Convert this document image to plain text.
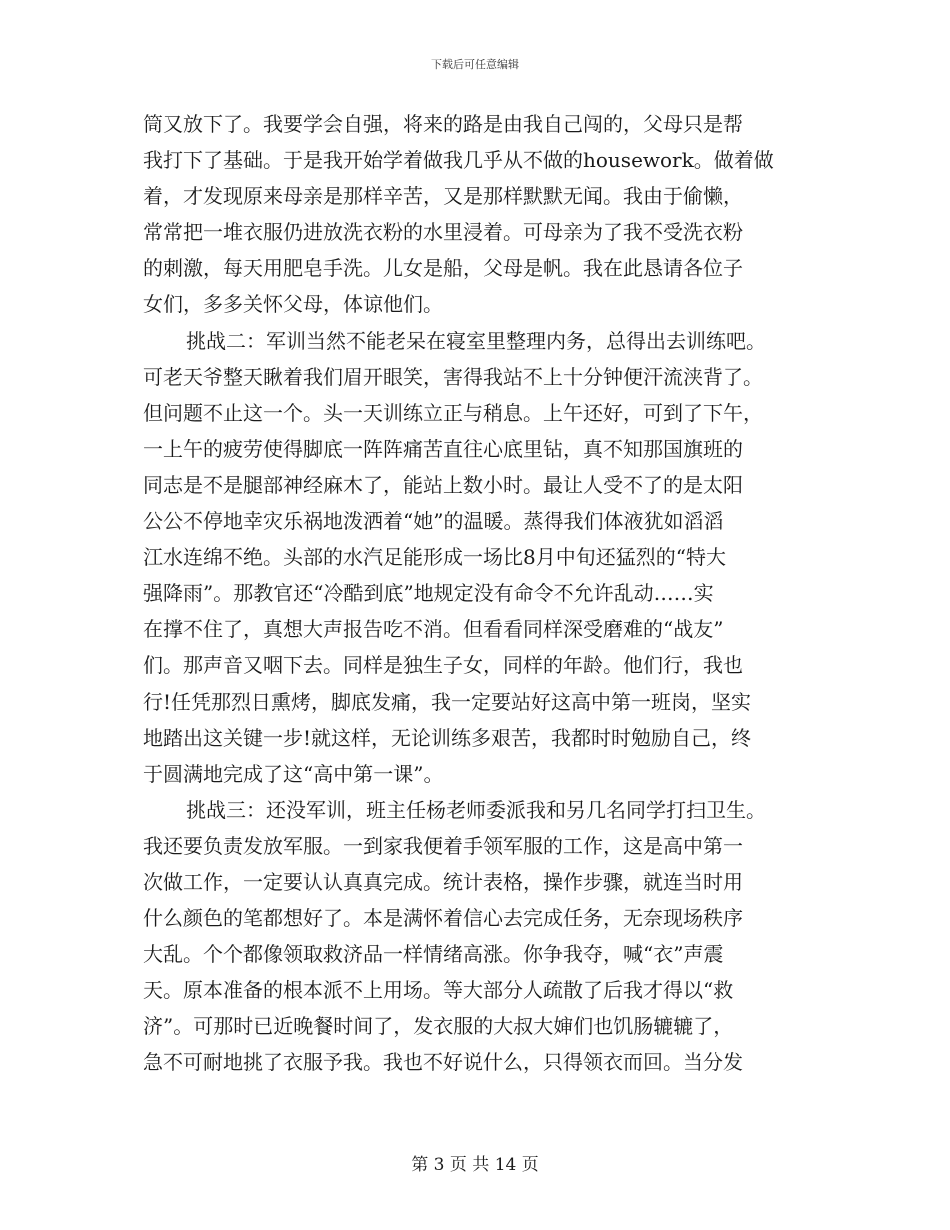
下载后可任意编辑
筒又放下了。我要学会自强，将来的路是由我自己闯的，父母只是帮
我打下了基础。于是我开始学着做我几乎从不做的housework。做着做
着，才发现原来母亲是那样辛苦，又是那样默默无闻。我由于偷懒，
常常把一堆衣服仍进放洗衣粉的水里浸着。可母亲为了我不受洗衣粉
的刺激，每天用肥皂手洗。儿女是船，父母是帆。我在此恳请各位子
女们，多多关怀父母，体谅他们。
挑战二：军训当然不能老呆在寝室里整理内务，总得出去训练吧。
可老天爷整天瞅着我们眉开眼笑，害得我站不上十分钟便汗流浃背了。
但问题不止这一个。头一天训练立正与稍息。上午还好，可到了下午，
一上午的疲劳使得脚底一阵阵痛苦直往心底里钻，真不知那国旗班的
同志是不是腿部神经麻木了，能站上数小时。最让人受不了的是太阳
公公不停地幸灾乐祸地泼洒着“她”的温暖。蒸得我们体液犹如滔滔
江水连绵不绝。头部的水汽足能形成一场比8月中旬还猛烈的“特大
强降雨”。那教官还“冷酷到底”地规定没有命令不允许乱动……实
在撑不住了，真想大声报告吃不消。但看看同样深受磨难的“战友”
们。那声音又咽下去。同样是独生子女，同样的年龄。他们行，我也
行!任凭那烈日熏烤，脚底发痛，我一定要站好这高中第一班岗，坚实
地踏出这关键一步!就这样，无论训练多艰苦，我都时时勉励自己，终
于圆满地完成了这“高中第一课”。
挑战三：还没军训，班主任杨老师委派我和另几名同学打扫卫生。
我还要负责发放军服。一到家我便着手领军服的工作，这是高中第一
次做工作，一定要认认真真完成。统计表格，操作步骤，就连当时用
什么颜色的笔都想好了。本是满怀着信心去完成任务，无奈现场秩序
大乱。个个都像领取救济品一样情绪高涨。你争我夺，喊“衣”声震
天。原本准备的根本派不上用场。等大部分人疏散了后我才得以“救
济”。可那时已近晚餐时间了，发衣服的大叔大婶们也饥肠辘辘了，
急不可耐地挑了衣服予我。我也不好说什么，只得领衣而回。当分发
第 3 页 共 14 页
